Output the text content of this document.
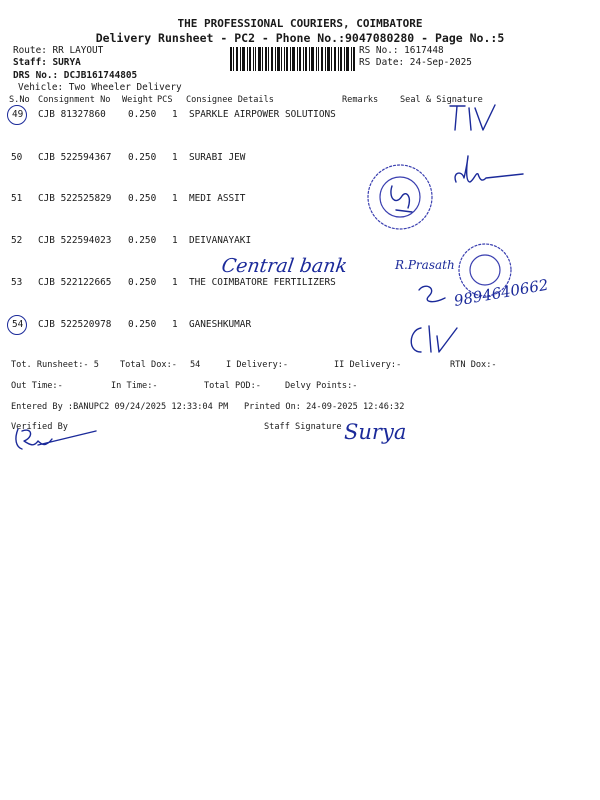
THE PROFESSIONAL COURIERS, COIMBATORE
Delivery Runsheet - PC2 - Phone No.:9047080280 - Page No.:5
Route: RR LAYOUT
Staff: SURYA
DRS No.: DCJB161744805
Vehicle: Two Wheeler Delivery
RS No.: 1617448
RS Date: 24-Sep-2025
S.No Consignment No Weight PCS Consignee Details	Remarks	Seal & Signature
49 CJB 81327860 0.250 1 SPARKLE AIRPOWER SOLUTIONS
50 CJB 522594367 0.250 1 SURABI JEW
51 CJB 522525829 0.250 1 MEDI ASSIT
52 CJB 522594023 0.250 1 DEIVANAYAKI
53 CJB 522122665 0.250 1 THE COIMBATORE FERTILIZERS
54 CJB 522520978 0.250 1 GANESHKUMAR
Central bank	R.Prasath
9894640662
Tot. Runsheet:- 5 Total Dox:- 54	I Delivery:-	II Delivery:-	RTN Dox:-
Out Time:-	In Time:-	Total POD:-	Delvy Points:-
Entered By :BANUPC2 09/24/2025 12:33:04 PM Printed On: 24-09-2025 12:46:32
Verified By	Staff Signature Surya
